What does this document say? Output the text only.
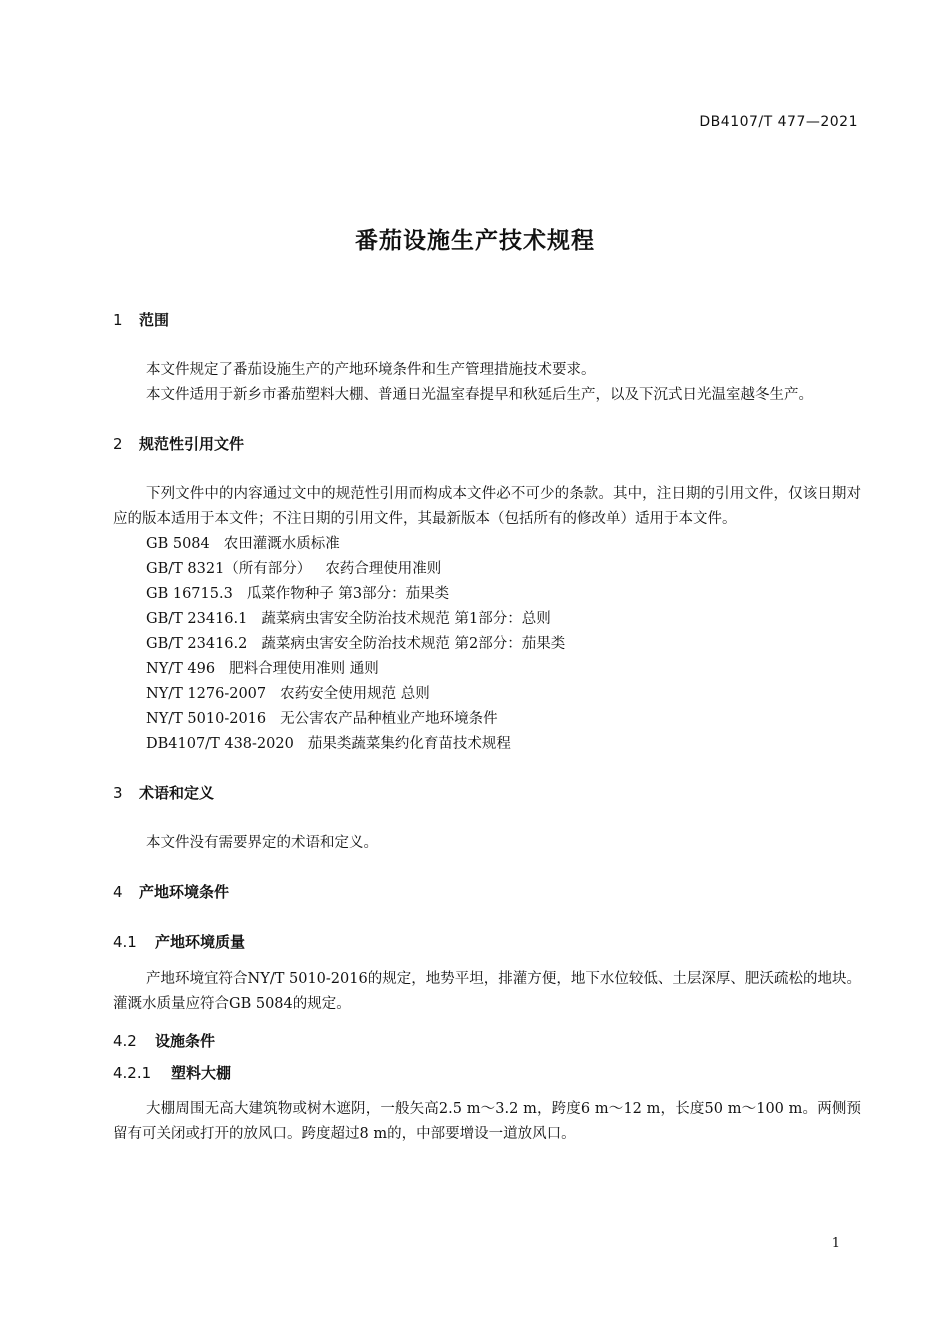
DB4107/T 477—2021
番茄设施生产技术规程
1 范围

本文件规定了番茄设施生产的产地环境条件和生产管理措施技术要求。

本文件适用于新乡市番茄塑料大棚、普通日光温室春提早和秋延后生产，以及下沉式日光温室越冬生产。

2 规范性引用文件

下列文件中的内容通过文中的规范性引用而构成本文件必不可少的条款。其中，注日期的引用文件，仅该日期对应的版本适用于本文件；不注日期的引用文件，其最新版本（包括所有的修改单）适用于本文件。

GB 5084 农田灌溉水质标准
GB/T 8321（所有部分） 农药合理使用准则
GB 16715.3 瓜菜作物种子 第3部分：茄果类
GB/T 23416.1 蔬菜病虫害安全防治技术规范 第1部分：总则
GB/T 23416.2 蔬菜病虫害安全防治技术规范 第2部分：茄果类
NY/T 496 肥料合理使用准则 通则
NY/T 1276-2007 农药安全使用规范 总则
NY/T 5010-2016 无公害农产品种植业产地环境条件
DB4107/T 438-2020 茄果类蔬菜集约化育苗技术规程
3 术语和定义

本文件没有需要界定的术语和定义。

4 产地环境条件
4.1 产地环境质量

产地环境宜符合NY/T 5010-2016的规定，地势平坦，排灌方便，地下水位较低、土层深厚、肥沃疏松的地块。灌溉水质量应符合GB 5084的规定。

4.2 设施条件
4.2.1 塑料大棚

大棚周围无高大建筑物或树木遮阴，一般矢高2.5 m～3.2 m，跨度6 m～12 m，长度50 m～100 m。两侧预留有可关闭或打开的放风口。跨度超过8 m的，中部要增设一道放风口。

1
